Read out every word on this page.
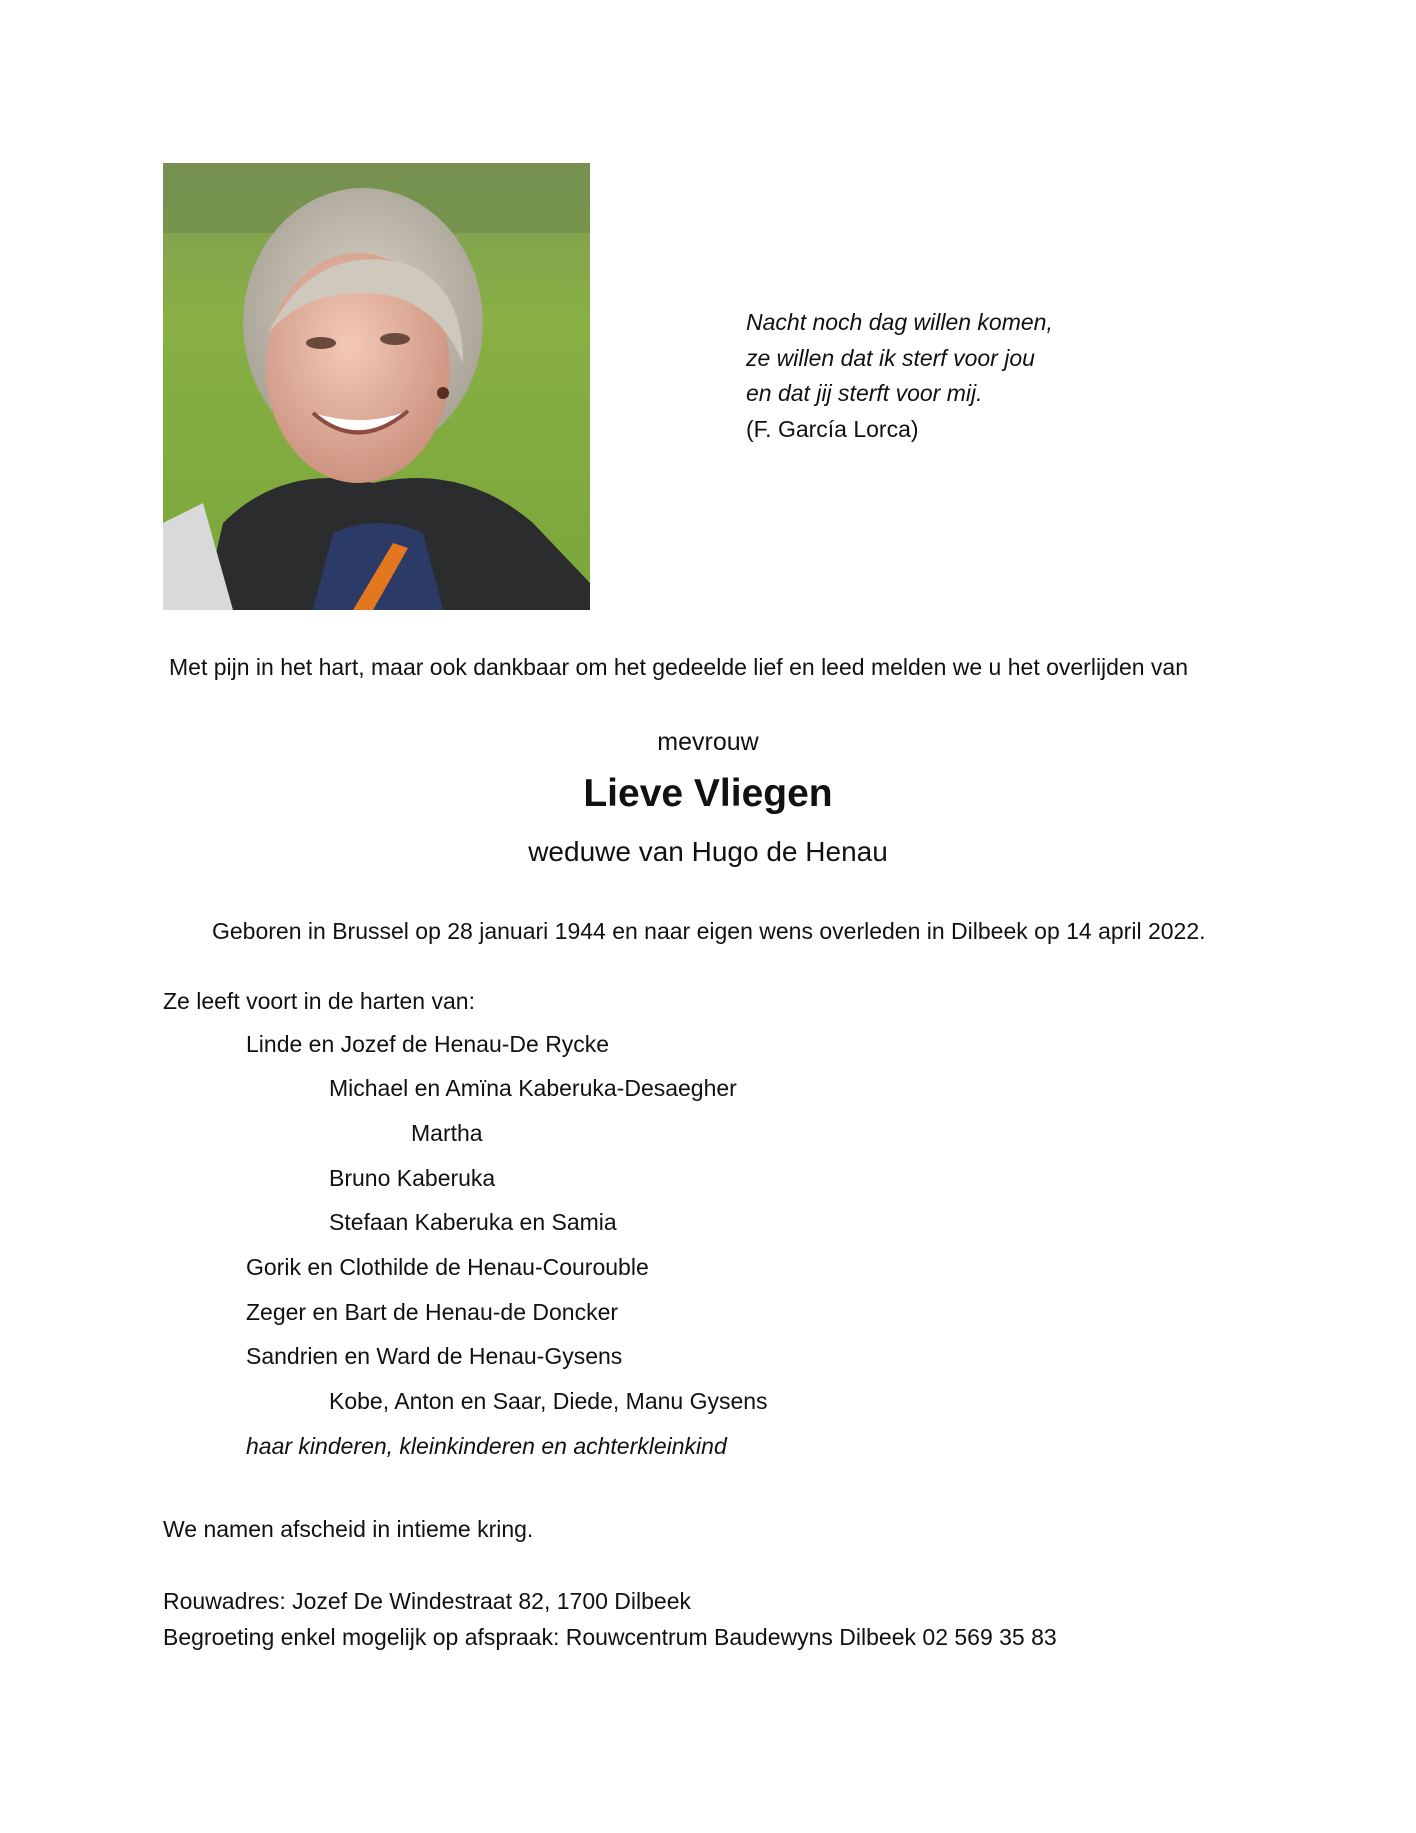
Nacht noch dag willen komen,
ze willen dat ik sterf voor jou
en dat jij sterft voor mij.
(F. García Lorca)
Met pijn in het hart, maar ook dankbaar om het gedeelde lief en leed melden we u het overlijden van
mevrouw
Lieve Vliegen
weduwe van Hugo de Henau
Geboren in Brussel op 28 januari 1944 en naar eigen wens overleden in Dilbeek op 14 april 2022.
Ze leeft voort in de harten van:
Linde en Jozef de Henau-De Rycke
Michael en Amïna Kaberuka-Desaegher
Martha
Bruno Kaberuka
Stefaan Kaberuka en Samia
Gorik en Clothilde de Henau-Courouble
Zeger en Bart de Henau-de Doncker
Sandrien en Ward de Henau-Gysens
Kobe, Anton en Saar, Diede, Manu Gysens
haar kinderen, kleinkinderen en achterkleinkind
We namen afscheid in intieme kring.
Rouwadres: Jozef De Windestraat 82, 1700 Dilbeek
Begroeting enkel mogelijk op afspraak: Rouwcentrum Baudewyns Dilbeek 02 569 35 83
